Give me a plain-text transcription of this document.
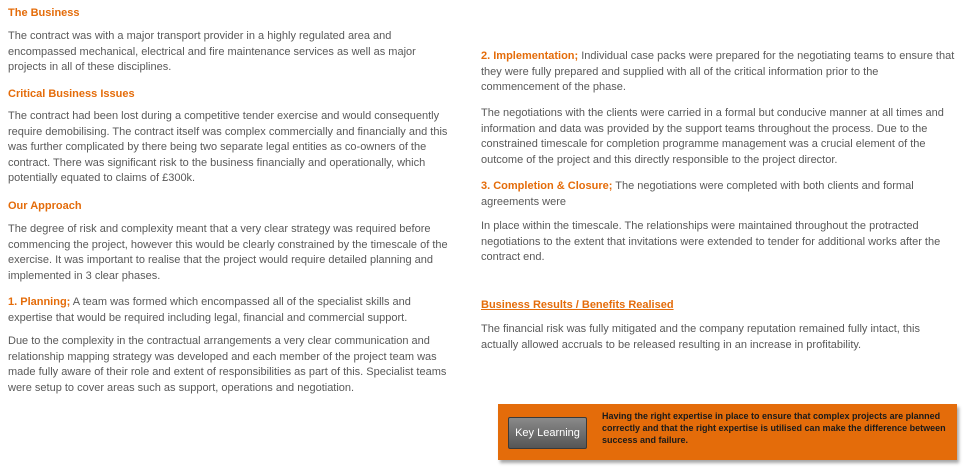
The Business

The contract was with a major transport provider in a highly regulated area and encompassed mechanical, electrical and fire maintenance services as well as major projects in all of these disciplines.

Critical Business Issues

The contract had been lost during a competitive tender exercise and would consequently require demobilising. The contract itself was complex commercially and financially and this was further complicated by there being two separate legal entities as co-owners of the contract. There was significant risk to the business financially and operationally, which potentially equated to claims of £300k.

Our Approach

The degree of risk and complexity meant that a very clear strategy was required before commencing the project, however this would be clearly constrained by the timescale of the exercise. It was important to realise that the project would require detailed planning and implemented in 3 clear phases.

1. Planning; A team was formed which encompassed all of the specialist skills and expertise that would be required including legal, financial and commercial support.

Due to the complexity in the contractual arrangements a very clear communication and relationship mapping strategy was developed and each member of the project team was made fully aware of their role and extent of responsibilities as part of this. Specialist teams were setup to cover areas such as support, operations and negotiation.

2. Implementation; Individual case packs were prepared for the negotiating teams to ensure that they were fully prepared and supplied with all of the critical information prior to the commencement of the phase.

The negotiations with the clients were carried in a formal but conducive manner at all times and information and data was provided by the support teams throughout the process. Due to the constrained timescale for completion programme management was a crucial element of the outcome of the project and this directly responsible to the project director.

3. Completion & Closure; The negotiations were completed with both clients and formal agreements were

In place within the timescale. The relationships were maintained throughout the protracted negotiations to the extent that invitations were extended to tender for additional works after the contract end.

Business Results / Benefits Realised

The financial risk was fully mitigated and the company reputation remained fully intact, this actually allowed accruals to be released resulting in an increase in profitability.

Key Learning
Having the right expertise in place to ensure that complex projects are planned correctly and that the right expertise is utilised can make the difference between success and failure.
